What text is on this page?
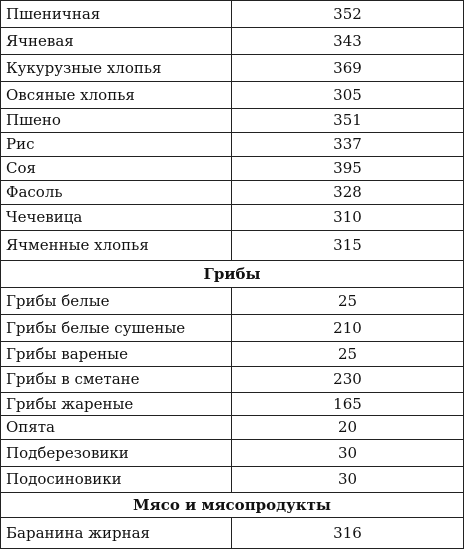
Пшеничная	352
Ячневая	343
Кукурузные хлопья	369
Овсяные хлопья	305
Пшено	351
Рис	337
Соя	395
Фасоль	328
Чечевица	310
Ячменные хлопья	315
Грибы	
Грибы белые	25
Грибы белые сушеные	210
Грибы вареные	25
Грибы в сметане	230
Грибы жареные	165
Опята	20
Подберезовики	30
Подосиновики	30
Мясо и мясопродукты	
Баранина жирная	316
